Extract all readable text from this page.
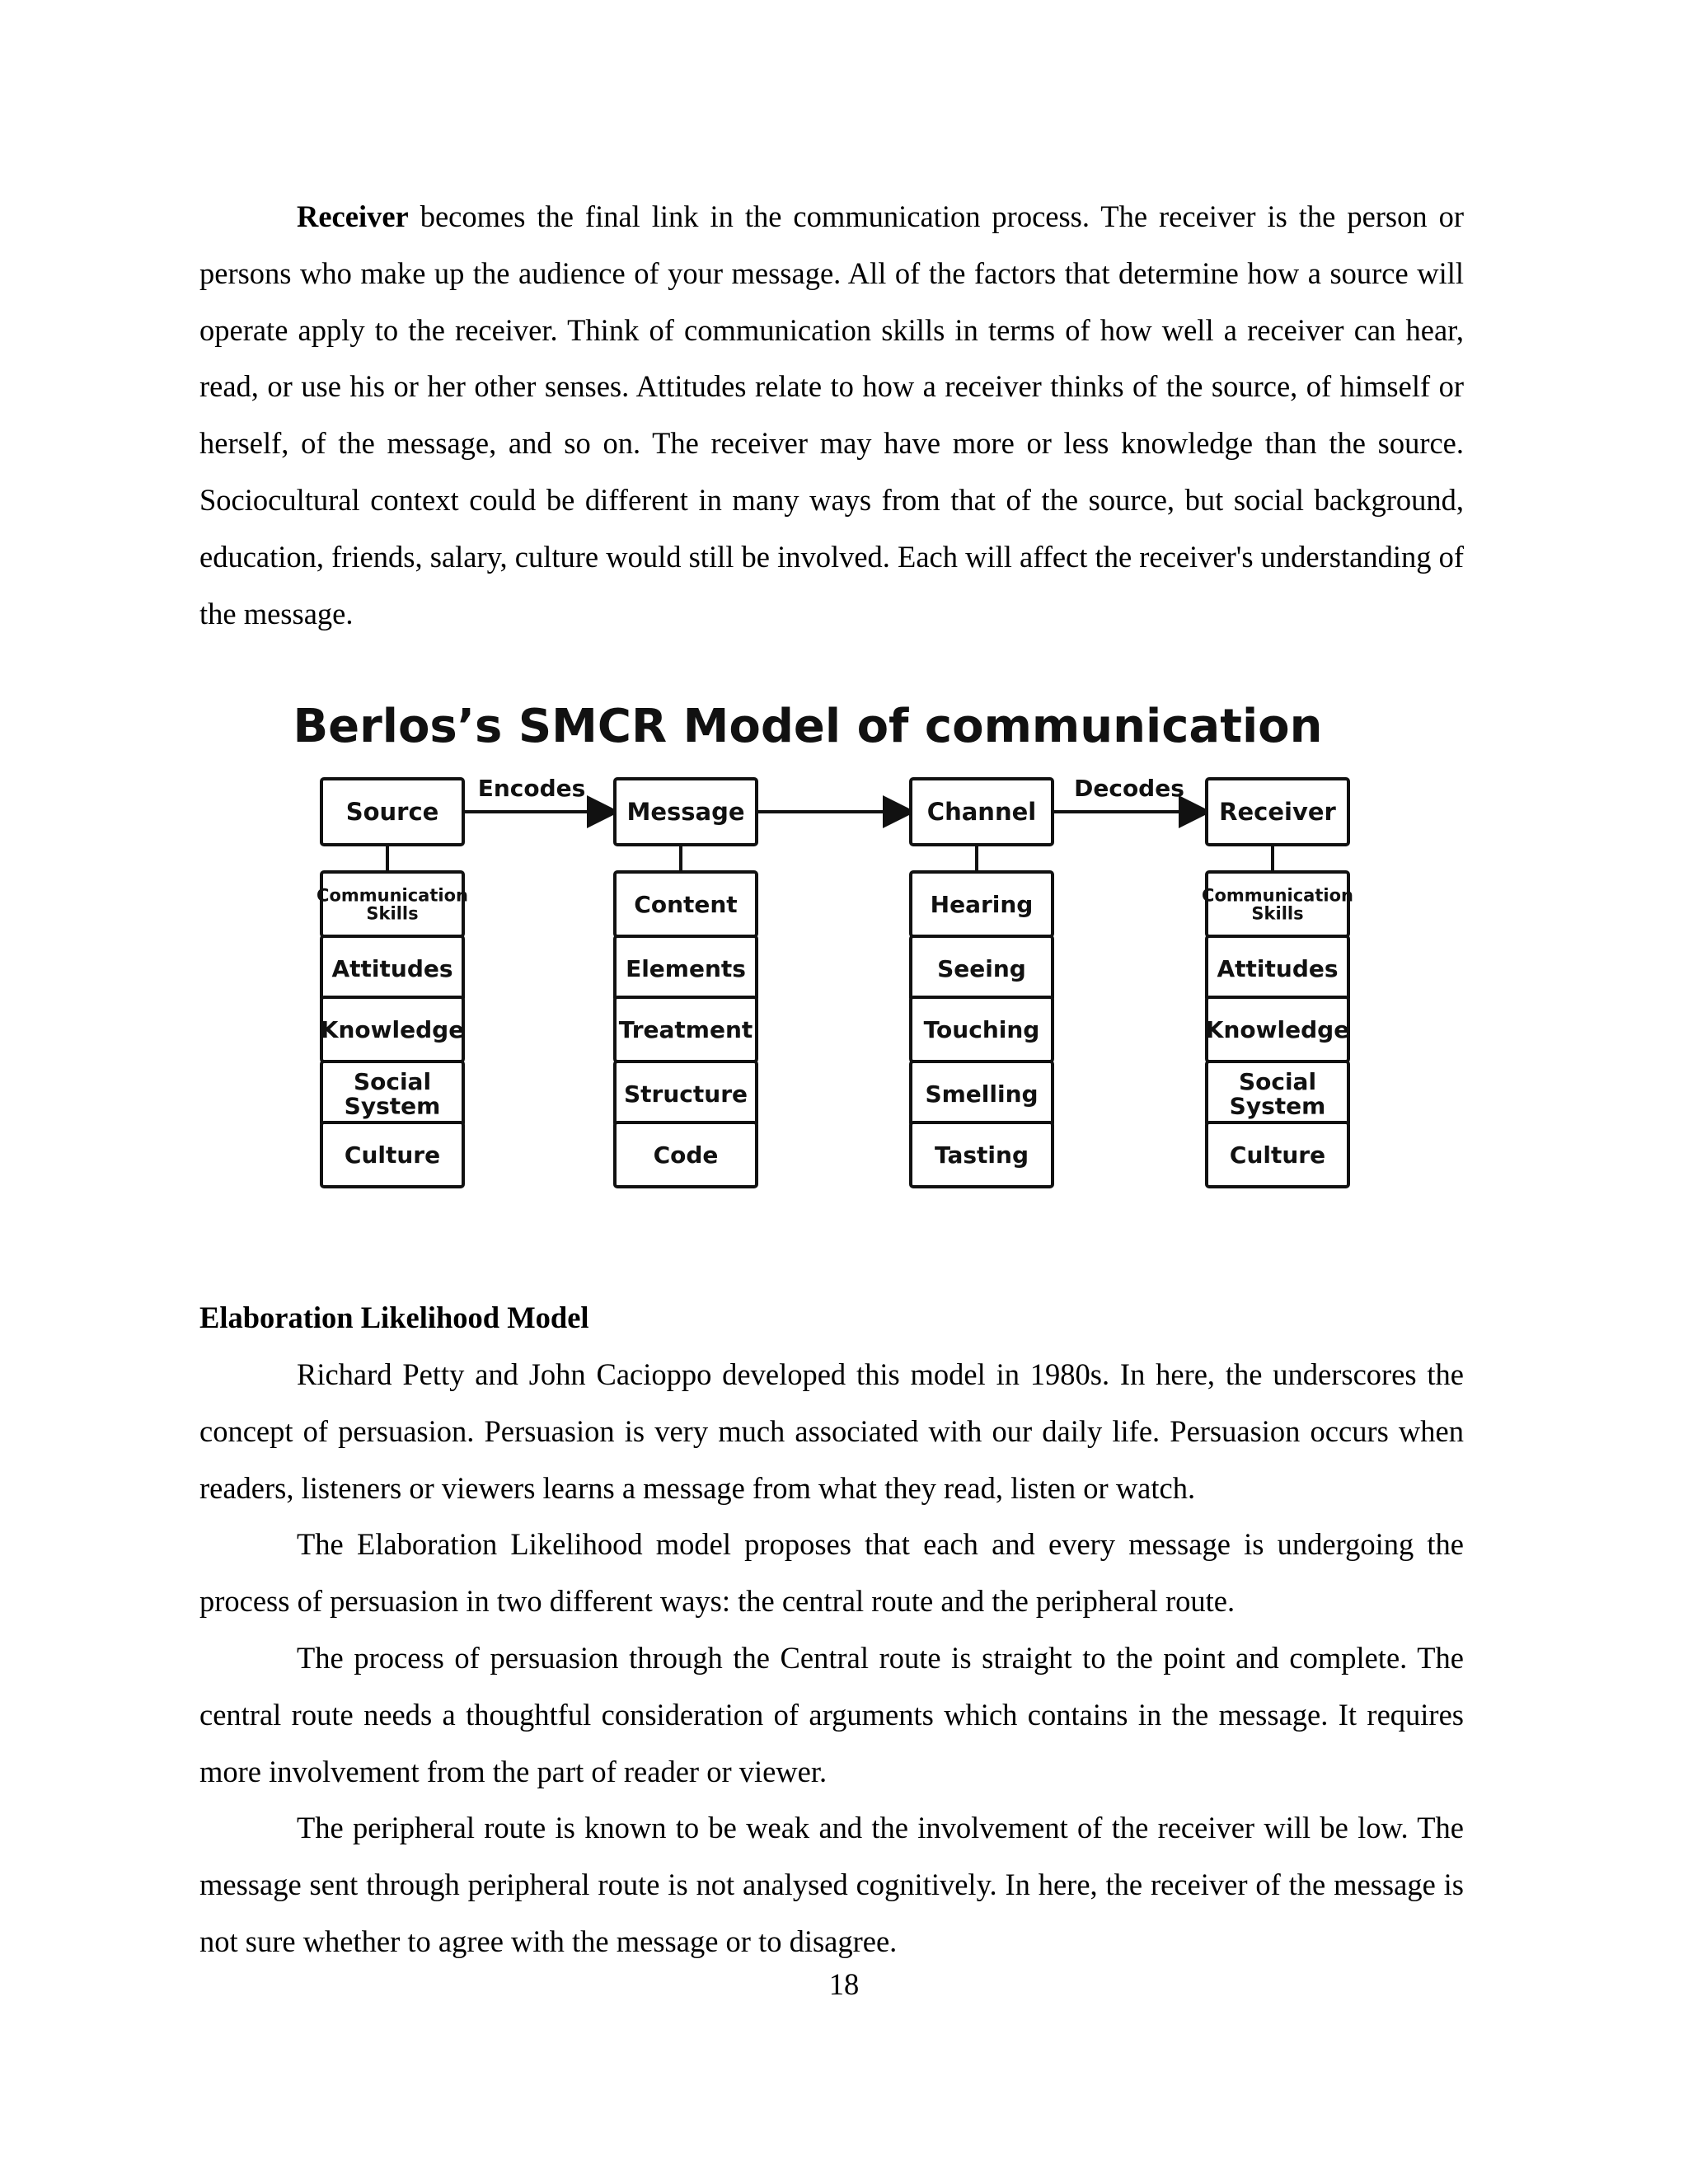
Receiver becomes the final link in the communication process. The receiver is the person or persons who make up the audience of your message. All of the factors that determine how a source will operate apply to the receiver. Think of communication skills in terms of how well a receiver can hear, read, or use his or her other senses. Attitudes relate to how a receiver thinks of the source, of himself or herself, of the message, and so on. The receiver may have more or less knowledge than the source. Sociocultural context could be different in many ways from that of the source, but social background, education, friends, salary, culture would still be involved. Each will affect the receiver's understanding of the message.

Berlos’s SMCR Model of communication
Encodes	Decodes
Source
Communication Skills
Attitudes
Knowledge
Social System
Culture
Message
Content
Elements
Treatment
Structure
Code
Channel
Hearing
Seeing
Touching
Smelling
Tasting
Receiver
Communication Skills
Attitudes
Knowledge
Social System
Culture

Elaboration Likelihood Model

Richard Petty and John Cacioppo developed this model in 1980s. In here, the underscores the concept of persuasion. Persuasion is very much associated with our daily life. Persuasion occurs when readers, listeners or viewers learns a message from what they read, listen or watch.

The Elaboration Likelihood model proposes that each and every message is undergoing the process of persuasion in two different ways: the central route and the peripheral route.

The process of persuasion through the Central route is straight to the point and complete. The central route needs a thoughtful consideration of arguments which contains in the message. It requires more involvement from the part of reader or viewer.

The peripheral route is known to be weak and the involvement of the receiver will be low. The message sent through peripheral route is not analysed cognitively. In here, the receiver of the message is not sure whether to agree with the message or to disagree.

18
